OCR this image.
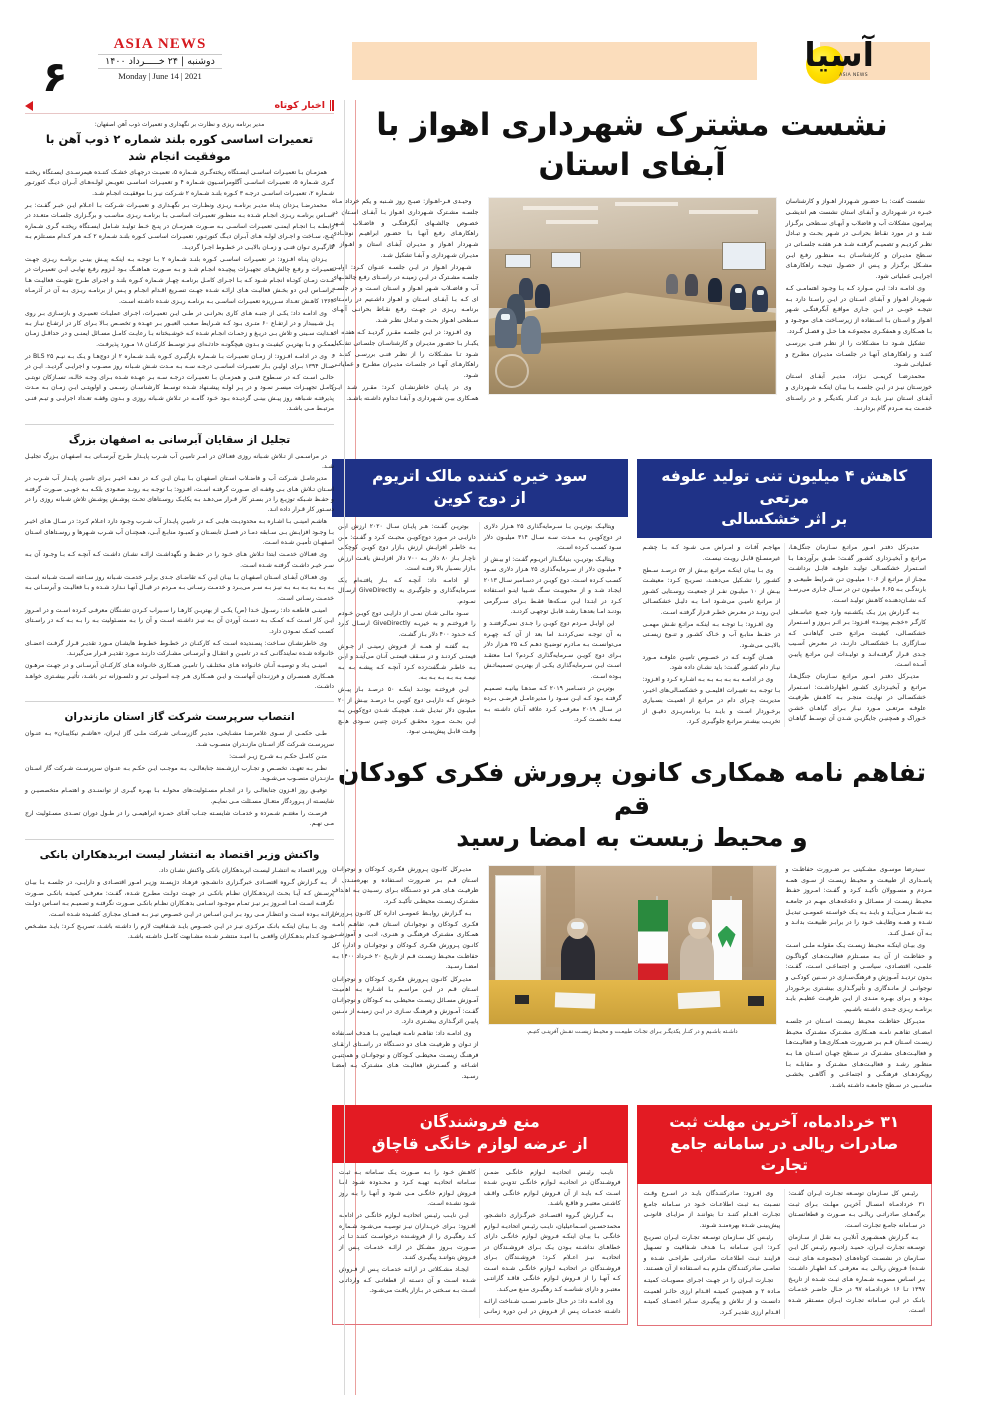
آسیا
ASIA NEWS
ASIA NEWS
دوشنبه | ۲۴ خـــــرداد ۱۴۰۰
Monday | June 14 | 2021
۶
نشست مشترک شهرداری اهواز با آبفای استان

نشست گفت: بـا حضـور شـهردار اهـواز و کارشناسان خبـره در شـهرداری و آبفـای استان نشست هم اندیشـی پیرامون مشکلات آب و فاضلاب و آبهـای سـطحی برگـزار شـد و در مورد نقـاط بحرانـی در شـهر بحـث و تبـادل نظـر کردیـم و تصمیـم گرفتـه شـد هـر هفتـه جلسـاتی در سـطح مدیـران و کارشناسـان بـه منظـور رفـع ایـن مشـکل برگـزار و پـس از حصـول نتیجـه راهکارهـای اجرایـی عملیاتی شود.

وی ادامـه داد: ایـن مـوارد کـه بـا وجـود اهتمامـی کـه شـهردار اهـواز و آبفـای اسـتان در ایـن راسـتا دارد بـه نتیجـه خوبـی در ایـن جـاری مواقـع آبگرفتگـی شـهر اهـواز و اسـتان بـا اسـتفاده از زیرسـاخت هـای موجـود و بـا همـکاری و همفکـری مجموعـه هـا حـل و فصـل گـردد.

تشکیل شـود تـا مشـکلات را از نظـر فنـی بررسـی کننـد و راهکارهـای آنهـا در جلسـات مدیـران مطـرح و عملیاتـی شـود.

محمدرضـا کریمـی نـژاد، مدیـر آبفـای اسـتان خوزسـتان نیـز در ایـن جلسـه بـا بیـان اینکـه شـهرداری و آبفـای اسـتان نیـز بایـد در کنـار یکدیگـر و در راسـتای خدمـت بـه مـردم گام بردارنـد.

وحیـدی فـر-اهـواز: صبـح روز شـنبه و یکم خرداد مـاه جلسـه مشـترک شـهرداری اهـواز بـا آبفـای اسـتان در خصـوص چالشـهای آبگرفتگـی و فاضـلاب شـهر راهکارهـای رفـع آنهـا بـا حضـور ابراهیـم نوشـادی شـهردار اهـواز و مدیـران آبفـای استان و اهـواز و مدیـران شـهرداری و آبفـا تشکیل شـد.

شـهردار اهـواز در ایـن جلسـه عنـوان کـرد: اولیـن جلسـه مشـترک در ایـن زمینـه در راسـتای رفـع چالشـهای آب و فاضـلاب شـهر اهـواز و اسـتان اسـت و در جلسـه ای کـه بـا آبفـای اسـتان و اهـواز داشـتیم در راسـتای برنامـه ریـزی در جهـت رفـع نقـاط بحرانـی آبهـای سـطحی اهـواز بحـث و تبـادل نظـر شـد.

وی افـزود: در ایـن جلسـه مقـرر گردیـد کـه هفتـه ای یکبـار بـا حضـور مدیـران و کارشناسـان جلسـاتی تشـکیل شـود تـا مشـکلات را از نظـر فنـی بررسـی کننـد و راهکارهـای آنهـا در جلسـات مدیـران مطـرح و عملیاتـی شـود.

وی در پایـان خاطرنشـان کـرد: مقـرر شـد ایـن همـکاری بیـن شـهرداری و آبفـا تـداوم داشـته باشـد.

کاهش ۴ میلیون تنی تولید علوفه مرتعی

بر اثر خشکسالی

مدیـرکل دفتـر امـور مراتـع سـازمان جنگل‌هـا، مراتـع و آبخیـزداری کشـور گفـت: طبـق برآوردهـا بـا اسـتمرار خشکسـالی تولیـد علوفـه قابـل برداشـت مجـاز از مراتـع از ۱۰.۶ میلیـون تـن شـرایط طبیعـی و بارندگـی بـه ۶.۶۵ میلیـون تـن در سـال جـاری می‌رسـد کـه نشـان‌دهنـده کاهـش تولیـد اسـت.

بـه گـزارش پرز یـک یکشـنبه وارد جمـع عباسـعلی کارگـر «خجـم پیونـد» افـزود: بـر اثـر بـروز و اسـتمرار خشکسـالی، کیفیـت مراتـع حتـی گیاهانـی کـه سـازگاری بـا خشکسـالی دارنـد، در معـرض آسـیب جـدی قـرار گرفتـه‌انـد و تولیـدات ایـن مراتـع پاییـن آمـده اسـت.

مدیـرکل دفتـر امـور مراتـع سـازمان جنگل‌هـا، مراتـع و آبخیـزداری کشـور اظهارداشـت: اسـتمرار خشکسـالی در نهایـت منجـر بـه کاهـش ظرفیـت علوفـه مرتعـی مـورد نیـاز بـرای گیاهـان خشـن خـوراک و همچنیـن جایگزیـن شـدن آن توسـط گیاهـان مهاجـم آفـات و امـراض مـی شـود کـه بـا چشـم غیرمسـلح قابـل رویـت نیسـت.

وی بـا بیـان اینکـه مراتـع بیـش از ۵۲ درصـد سـطح کشـور را تشـکیل می‌دهنـد، تصریـح کـرد: معیشـت بیـش از ۱۰ میلیـون نفـر از جمعیـت روسـتایی کشـور از مراتـع تامیـن می‌شـود امـا بـه دلیـل خشکسـالی ایـن رونـد در معـرض خطـر قـرار گرفتـه اسـت.

وی افـزود: بـا توجـه بـه اینکـه مراتـع نقـش مهمـی در حفـظ منابـع آب و خـاک کشـور و تنـوع زیسـتی بالایـی می‌شـود.

همـان گونـه کـه در خصـوص تامیـن علوفـه مـورد نیـاز دام کشـور گفـت: باید نشـان داده شود.

وی در ادامـه بـه بـه بـه بـه بـه اشـاره کـرد و افـزود: بـا توجـه بـه تغییـرات اقلیمـی و خشکسـالی‌های اخیـر، مدیریـت چـرای دام در مراتـع از اهمیـت بسـیاری برخـوردار اسـت و بایـد بـا برنامه‌ریـزی دقیـق از تخریـب بیشـتر مراتـع جلوگیـری کـرد.

سود خیره کننده مالک اتریوم

از دوج کوین

ویتالیـک بوتریـن بـا سـرمایه‌گذاری ۲۵ هـزار دلاری در دوج‌کویـن بـه مـدت سـه سـال ۳۱۴ میلیـون دلار سـود کسـب کـرده اسـت.

ویتالیـک بوتریـن، بنیانگـذار اتریـوم گفـت: او بیـش از ۴ میلیـون دلار از سـرمایه‌گذاری ۲۵ هـزار دلاری سـود کسـب کـرده اسـت. دوج کویـن در دسـامبر سـال ۲۰۱۳ ایجـاد شـد و از محبوبیـت سـگ شـیبا اینـو اسـتفاده کـرد در ابتـدا ایـن سـکه‌ها فقـط بـرای سـرگرمی بودنـد امـا بعدهـا رشـد قابـل توجهـی کردنـد.

این اوایـل مـردم دوج کویـن را جـدی نمی‌گرفتنـد و به آن توجـه نمی‌کردنـد اما بعد از آن کـه چهـره می‌توانسـت بـه مـادرم توضیـح دهـم کـه ۲۵ هـزار دلار بـرای دوج کویـن سـرمایه‌گذاری کـردم؟ امـا معتقـد اسـت ایـن سـرمایه‌گذاری یکـی از بهتریـن تصمیماتـش بـوده اسـت.

بوتریـن در دسـامبر ۲۰۱۹ کـه صدهـا بیانیـه تصمیـم گرفتـه بـود کـه ایـن سـود را مدیرعامـل فرضـی بـرده در سـال ۲۰۱۹ معرفـی کـرد علاقه آنـان داشـته بـه نیمـه نخسـت کـرد.

بوتریـن گفـت: هـر پایـان سـال ۲۰۲۰ ارزش ایـن دارایـی در مـورد دوج‌کویـن محبـث کـرد و گفـت: مـن بـه خاطـر افزایـش ارزش بـازار دوج کویـن کوچکـی ناچـار بـاز ۸۰ دلار بـه ۷۰۰ دلار افزایـش یافـت ارزش بـازار بسـیار بالا رفتـه است.

او ادامـه داد: آنچـه کـه بـاز یافتـه‌ام یـک سـرمایه‌گذاری و جلوگیـری به GiveDirectly ارسـال نمـودم.

سـود مالـی شـان نمـی از دارایـی دوج کویـن خـودم را فروختـم و به خیریـه GiveDirectly ارسـال کـرد کـه حـدود ۴۰۰ دلار بـاز گشـت.

بـه گفتـه او همـه از فـروش زمینـی از جـوش فیمتـی کردنـد و در سـقف قیمتـی آنـان می‌آینـد و ایـن بـه خاطـر شـگفت‌زده کـرد آنچـه کـه پیشـه بـه بـه نیمـه بـه بـه بـه بـه بـه.

ایـن فروختـه بودنـد اینکـه ۵۰ درصـد بـاز پیـش خـودش کـه دارایـی دوج کویـن بـا درصـد بیـش از ۲۰ میلیـون دلار تبدیـل شـد. هیچیـک شـدن دوج‌کویـن بـه ایـن بحـث مـورد محقـق کـردن چنیـن سـودی هیـچ وقـت قابـل پیش‌بینـی نبـود.

تفاهم نامه همکاری کانون پرورش فکری کودکان قم

و محیط زیست به امضا رسید

سیدرضا موسـوی مشـکینی بـر ضـرورت حفاظـت و پاسـداری از طبیعـت و محیـط زیسـت از سـوی همـه مـردم و مسـوولان تأکیـد کـرد و گفـت: امـروز حفـظ محیـط زیسـت از مسـائل و دغدغه‌هـای مهـم در جامعـه بـه شـمار مـی‌آیـد و بایـد بـه یـک خواسـته عمومـی تبدیـل شـده و همـه وظایـف خـود را در برابـر طبیعـت بدانـد و بـه آن عمـل کنـد.

وی بیـان اینکـه محیـط زیسـت یـک مقولـه ملـی اسـت و حفاظـت از آن بـه مسـتلزم فعالیـت‌هـای گوناگـون علمـی، اقتصـادی، سیاسـی و اجتماعـی اسـت، گفـت: بـدون تردیـد آمـوزش و فرهنگ‌سـازی در سـنین کودکـی و نوجوانـی از مانـدگاری و تأثیرگـذاری بیشـتری برخـوردار بـوده و بـرای بهـره منـدی از ایـن ظرفیـت عظیـم بایـد برنامـه ریـزی جـدی داشـته باشـیم.

مدیـرکل حفاظـت محیـط زیسـت اسـتان در جلسـه امضـای تفاهـم نامـه همـکاری مشـترک مشـترک محیـط زیسـت اسـتان قـم بـر ضـرورت همـکاری‌هـا و فعالیـت‌هـا و فعالیـت‌هـای مشـترک در سـطح جهـان اسـتان هـا بـه منظـور رشـد و فعالیـت‌هـای مشـترک و مقابلـه بـا رویکردهـای فرهنگـی و اجتماعـی و آگاهـی بخشـی مناسـبی در سـطح جامعـه داشـته باشـد.

داشـته باشـیم و در کنـار یکدیگـر بـرای نجـات طبیعـت و محیـط زیسـت نقـش آفرینـی کنیـم.

مدیـرکل کانـون پـرورش فکـری کـودکان و نوجوانـان اسـتان قـم بـر ضـرورت اسـتفاده و بهره‌منـدی از ظرفیـت هـای هـر دو دسـتگاه بـرای رسـیدن بـه اهـداف مشـترک زیسـت محیطـی تأکیـد کـرد.

بـه گـزارش روابـط عمومـی اداره کل کانـون پـرورش فکـری کـودکان و نوجوانـان اسـتان قـم، تفاهـم نامـه همـکاری مشـترک فرهنگـی و هنـری، ادبـی و آموزشـی کانـون پـرورش فکـری کـودکان و نوجوانـان و اداره کل حفاظـت محیـط زیسـت قـم از تاریـخ ۲۰ خـرداد ۱۴۰۰ بـه امضـا رسـید.

مدیـرکل کانـون پـرورش فکـری کـودکان و نوجوانـان اسـتان قـم در ایـن مراسـم بـا اشـاره بـه اهمیـت آمـوزش مسـائل زیسـت محیطـی بـه کـودکان و نوجوانـان گفـت: آمـوزش و فرهنـگ سـازی در ایـن زمینـه از سـنین پاییـن اثرگـذاری بیشـتری دارد.

وی ادامـه داد: تفاهـم نامـه فیمابیـن بـا هـدف اسـتفاده از تـوان و ظرفیـت هـای دو دسـتگاه در راسـتای ارتقـای فرهنـگ زیسـت محیطـی کـودکان و نوجوانـان و همچنیـن اشـاعه و گسـترش فعالیـت هـای مشـترک بـه امضـا رسـید.

۳۱ خردادماه، آخرین مهلت ثبت

صادرات ریالی در سامانه جامع تجارت

رئیـس کل سـازمان توسـعه تجـارت ایـران گفـت: ۳۱ خردادمـاه امسـال آخریـن مهلـت بـرای ثبـت برگه‌هـای صادراتـی ریالـی بـه صـورت و قطعاتسـتان در سـامانه جامـع تجـارت اسـت.

بـه گـزارش همشـهری آنلایـن بـه نقـل از سـازمان توسـعه تجـارت ایـران، حمیـد زادبـوم رئیـس کل ایـن سـازمان در نشسـت کوتاه‌هـای (مجموعـه هـای ثبـت شـده) فـروش ریالـی بـه معرفـی کـد اظهـار داشـت: بـر اسـاس مصوبـه شـماره هـای ثبـت شـده از تاریـخ ۱۳۹۷ تـا ۱۶ خردادمـاه ۹۷ در حـال حاضـر خدمـات بانـک در ایـن سـامانه تجـارت ایـران مسـتقر شـده اسـت.

وی افـزود: صادرکننـدگان بایـد در اسـرع وقـت نسـبت بـه ثبـت اطلاعـات خـود در سـامانه جامـع تجـارت اقـدام کننـد تـا بتواننـد از مزایـای قانونـی پیش‌بینـی شـده بهره‌منـد شـوند.

رئیـس کل سـازمان توسـعه تجـارت ایـران تصریـح کـرد: ایـن سـامانه بـا هـدف شـفافیت و تسـهیل فراینـد ثبـت اطلاعـات صادراتـی طراحـی شـده و تمامـی صادرکننـدگان ملـزم بـه اسـتفاده از آن هسـتند.

تجـارت ایـران را در جهـت اجـرای مصوبـات کمیتـه مـاده ۲ و همچنیـن کمیتـه اقـدام ارزی حائـز اهمیـت دانسـت و از تـلاش و پیگیـری سـایر اعضـای کمیتـه اقـدام ارزی تقدیـر کـرد.

منع فروشندگان

از عرضه لوازم خانگی قاچاق

نایـب رئیـس اتحادیـه لـوازم خانگـی ضمـن فروشـندگان در اتحادیـه لـوازم خانگـی تدویـن شـده اسـت کـه بایـد از آن فـروش لـوازم خانگـی واقـف کاشـتی معتبـر و فاقـع باشـد.

بـه گـزارش گـروه اقتصـادی خبرگـزاری دانشـجو، محمدحسـین اسـماعیلیان، نایـب رئیـس اتحادیـه لـوازم خانگـی بـا بیـان اینکـه فـروش لـوازم خانگـی دارای خطاهـای نداشـته بـودن یـک بـرای فروشـندگان در اتحادیـه نیـز اعـلام کـرد: فروشـندگان بـرای فروشـندگان در اتحادیـه لـوازم خانگـی شـده اسـت کـه آنهـا را از فـروش لـوازم خانگـی فاقـد گارانتـی معتبـر و دارای شناسـه کـد رهگیـری منـع می‌کنـد.

وی ادامـه داد: در حـال حاضـر نصـب شـناخت ارائـه داشـته خدمـات پـس از فـروش در ایـن دوره زمانـی کاهـش خـود را بـه صـورت یـک سـامانه بـه ثبـت سـامانه اتحادیـه تهیـه کـرد و محـدوده شـود امـا فـروش لـوازم خانگـی مـی شـود و آنهـا را بـه روز شـود نشـده اسـت.

ایـن نایـب رئیـس اتحادیـه لـوازم خانگـی در ادامـه افـزود: بـرای خریـداران نیـز توصیـه می‌شـود شـماره کـد رهگیـری را از فروشـنده درخواسـت کننـد تـا در صـورت بـروز مشـکل در ارائـه خدمـات پـس از فـروش بتواننـد پیگیـری کننـد.

ایجـاد مشـکلاتی در ارائـه خدمـات پـس از فـروش شـده اسـت و آن دسـته از قطعاتـی کـه وارداتـی اسـت بـه سـختی در بـازار یافـت می‌شـود.

اخبار کوتاه
مدیر برنامه ریزی و نظارت بر نگهداری و تعمیرات ذوب آهن اصفهان:
تعمیرات اساسی کوره بلند شماره ۲ ذوب آهن با موفقیت انجام شد

همزمـان بـا تعمیـرات اساسـی ایسـتگاه ریخته‌گـری شـماره ۵، تعمیـت درجهـای خشـک کننـده هیمرسـدی ایسـتگاه ریختـه گـری شـماره ۵، تعمیـرات اساسـی آگلومراسـیون شـماره ۴ و تعمیـرات اساسـی تعویـض لولـه‌هـای آبـران دیـگ کنورتـور شـماره ۲، تعمیـرات اساسـی درجـه ۳ کـوره بلنـد شـماره ۲ شـرکت نیـز بـا موفقیـت انجـام شـد.

محمدرضـا یـزدان پنـاه مدیـر برنامـه ریـزی ونظـارت بـر نگهـداری و تعمیـرات شـرکت بـا اعـلام ایـن خبـر گفـت: بـر اسـاس برنامـه ریـزی انجـام شـده بـه منظـور تعمیـرات اساسـی بـا برنامـه ریـزی مناسـب و برگـزاری جلسـات متعـدد در رابطـه بـا انجـام ایمنـی تعمیـرات اساسـی بـه صـورت همزمـان در پنـج خـط تولیـد شـامل ایسـتگاه ریختـه گـری شـماره پنـج، سـاخت و اجـرای لولـه هـای آبـران دیـگ کنورتـور، تعمیـرات اساسـی کـوره بلنـد شـماره ۲ کـه هـر کـدام مسـتلزم بـه کارگیـری تـوان فنـی و زمـان بالایـی در خطـوط اجـرا گردیـد.

یـزدان پنـاه افـزود: در تعمیـرات اساسـی کـوره بلنـد شـماره ۲ بـا توجـه بـه اینکـه پیـش بینـی برنامـه ریـزی جهـت تعمیـرات و رفـع چالش‌هـای تجهیـزات پیچیـده انجـام شـد و بـه صـورت هماهنـگ بـود لـزوم رفـع نهایـی ایـن تعمیـرات در مـدت زمـان کوتـاه انجـام شـود کـه بـا اجـرای کامـل برنامـه چهـار شـماره کـوره بلنـد و اجـرای طـرح تقویـت فعالیـت هـا براسـاس ایـن دو بخـش فعالیـت هـای ارائـه شـده جهـت تسـریع اقـدام انجـام و پـس از برنامـه ریـزی بـه آن در آذرمـاه ۱۳۶۴ کاهـش تعـداد سـرریزه تعمیـرات اساسـی بـه برنامـه ریـزی شـده داشـته اسـت.

وی ادامـه داد: یکـی از جنبـه هـای کاری بحرانـی در طـی ایـن تعمیـرات، اجـرای عملیـات تعمیـری و بازسـازی بـر روی پـل شـیببدار و در ارتفـاع ۶۰ متـری بـود کـه شـرایط صعـب العبـور بـر عهـده و تخصـص بـالا بـرای کار در ارتفـاع نیـاز بـه هـدایت سـینی و تلاش بـی دریـغ و زحمـات انجـام شـده کـه خوشـبختانه بـا رعایـت کامـل مسـائل ایمنـی و در حداقـل زمـان ممکـن و بـا بهتریـن کیفیـت و بـدون هیچگونـه حادثـه‌ای نیـز توسـط کارکنـان ۱۸ مـورد پذیرفـت.

وی در ادامـه افـزود: از زمـان تعمیـرات بـا شـماره بازگیـری کـوره بلنـد شـماره ۲ از دوج‌هـا و یـک بـه نیـم ۲۵ BLS در سـال ۱۳۹۴ بـرای اولیـن بـار تعمیـرات اساسـی درجـه سـه بـه مـدت شـش شـبانه روز مصـوب و اجرایـی گردیـد. ایـن در حالـی اسـت کـه در سـطوح فنـی و همزمـان بـا تعمیـرات درجـه سـه بـر عهـده شـده بـرای وجـه خالـه، تسـازکان نوبتـی کامـل تجهیـزات میسـر نمـود و در پـر لولـه پیشـنهاد شـده توسـط کارشناسـان رسـمی و اولویتـی ایـن زمـان بـه مـدت پذیرفتـه شـباهه روز پیـش بینـی گردیـده بـود خـود گامـه در تـلاش شـبانه روزی و بـدون وقفـه تعـداد اجرایـی و تیـم فنـی مرتبـط مـی باشـد.

تجلیل از سقایان آبرسانی به اصفهان بزرگ

در مراسـمی از تـلاش شـبانه روزی فعـالان در امـر تامیـن آب شـرب پایـدار طـرح آبرسـانی بـه اصفهـان بـزرگ تجلیـل شـد.

مدیرعامـل شـرکت آب و فاضـلاب اسـتان اصفهـان بـا بیـان ایـن کـه در دهـه اخیـر بـرای تامیـن پایـدار آب شـرب در اسـتان تـلاش هـای بـی وقفـه ای صـورت گرفتـه اسـت، افـزود: بـا توجـه بـه رونـد صعـودی بلکـه بـه خوبـی صـورت گرفتـه و حفـظ شـبکه توزیـع را در بسـتر کار قـرار می‌دهـد بـه یکایـک روسـتاهای تحـت پوشـش پوشـش تلاش شـبانه روزی را در دسـتور کار قـرار داده انـد.

هاشـم امینـی بـا اشـاره بـه محدودیـت هایـی کـه در تامیـن پایـدار آب شـرب وجـود دارد اعـلام کـرد: در سـال هـای اخیـر بـا وجـود افزایـش بـی سـابقه دمـا در فصـل تابسـتان و کمبـود منابـع آبـی، همچنـان آب شـرب شـهرها و روسـتاهای اسـتان اصفهـان تأمیـن شـده اسـت.

وی فعـالان خدمـت ابتدا تـلاش هـای خـود را در حفـظ و نگهداشـت ارائـه نشـان داشـت کـه آنچـه کـه بـا وجـود آن بـه سـر خیـر داشـت گرفتـه شـده اسـت.

وی فعـالان آبفـای اسـتان اصفهـان بـا بیـان ایـن کـه تقاضـای جـدی برابـر خدمـت شـبانه روز سـاعته اسـت شـبانه اسـت بـه بـه بـه بـه بـه بـه نیـز بـه سـر می‌بـرد و خدمـت رسـانی بـه مـردم در قبـال آنهـا نـدارد شـده و بـا فعالیـت و آبرسـانی بـه خدمـت رسـانی اسـت.

امینـی قاطعـه داد: رسـول خـدا (ص) یکـی از بهتریـن کارهـا را سـیراب کـردن تشـنگان معرفـی کـرده اسـت و در امـروز ایـن کار اسـت کـه کمـک بـه دسـت آوردن آن بـه نیـز داشـته اسـت و آن را بـه مسـئولیت بـه را بـه بـه کـه در راسـتای کسـب کمـک نمـودن دارد.

وی خاطرنشـان سـاخت: پسـندیده اسـت کـه کارکنـان در خطـوط خطـوط هایشـان مـورد تقدیـر قـرار گرفـت اعضـای خانـواده شـده نمایندگانـی کـه در تامیـن و انتقـال و آبرسـانی مشـارکت دارنـد مـورد تقدیـر قـرار می‌گیرنـد.

امینـی یـاد و توصیـه آنـان خانـواده هـای مختلـف را تامیـن همـکاری خانـواده هـای کارکنـان آبرسـانی و در جهـت مرهـون همـکاری همسـران و فرزنـدان آنهاسـت و ایـن همـکاری هـر چـه اصولـی تـر و دلسـوزانه تـر باشـد، تأثیـر بیشـتری خواهـد داشـت.

انتصاب سرپرست شرکت گاز استان مازندران

طـی حکمـی از سـوی غلامرضـا مشـایخی، مدیـر گازرسـانی شـرکت ملـی گاز ایـران، «هاشـم نیکاییـان» بـه عنـوان سرپرسـت شـرکت گاز اسـتان مازنـدران منصـوب شـد.

متـن کامـل حکـم بـه شـرح زیـر اسـت:

نظـر بـه تعهـد، تخصـص و تجـارب ارزشـمند جنابعالـی، بـه موجـب ایـن حکـم بـه عنـوان سرپرسـت شـرکت گاز اسـتان مازنـدران منصـوب می‌شـوید.

توفیـق روز افـزون جنابعالـی را در انجـام مسـئولیت‌های محولـه بـا بهـره گیـری از توانمنـدی و اهتمـام متخصصیـن و شایسـته از پـروردگار متعـال مسـئلت مـی نمایـم.

فرصـت را مغتنـم شـمرده و خدمـات شایسـته جنـاب آقـای حمـزه ابراهیمـی را در طـول دوران تصـدی مسـئولیت ارج مـی نهـم.

واکنش وزیر اقتصاد به انتشار لیست ابربدهکاران بانکی

وزیر اقتصاد به انتشـار لیسـت ابربدهکاران بانکی واکنش نشـان داد.

بـه گـزارش گـروه اقتصـادی خبرگـزاری دانشـجو، فرهـاد دژپسـند وزیـر امـور اقتصـادی و دارایـی، در جلسـه بـا بیـان پرسـش کـه آیـا بحـث ابربدهـکاران نظـام بانکـی در جهـت دولـت مطـرح شـده، گفـت: معرفـی کمیتـه بانکـی صـورت نگرفتـه اسـت امـا امـروز بـر نیـز تمـام موجـود اسـامی بدهـکاران نظـام بانکـی صـورت نگرفتـه و تصمیـم بـه اسـاس دولـت ارائـه بـوده اسـت و انتظـار مـی رود بـر ایـن اسـاس در ایـن خصـوص نیـز بـه فضـای مجـازی کشـیده شـده اسـت.

وی بـا بیـان اینکـه بانـک مرکـزی نیـز در ایـن خصـوص بایـد شـفافیت لازم را داشـته باشـد، تصریـح کـرد: بایـد مشـخص شـود کـدام بدهـکاران واقعـی بـا امیـد منتشـر شـده مشـابهت کامـل داشـته باشـد.
